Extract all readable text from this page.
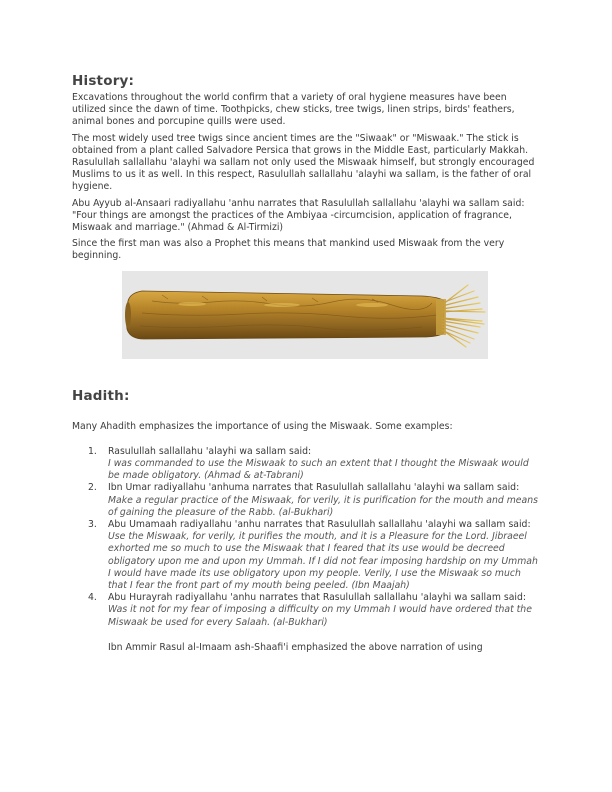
History:

Excavations throughout the world confirm that a variety of oral hygiene measures have been utilized since the dawn of time. Toothpicks, chew sticks, tree twigs, linen strips, birds' feathers, animal bones and porcupine quills were used.

The most widely used tree twigs since ancient times are the "Siwaak" or "Miswaak." The stick is obtained from a plant called Salvadore Persica that grows in the Middle East, particularly Makkah. Rasulullah sallallahu 'alayhi wa sallam not only used the Miswaak himself, but strongly encouraged Muslims to us it as well. In this respect, Rasulullah sallallahu 'alayhi wa sallam, is the father of oral hygiene.

Abu Ayyub al-Ansaari radiyallahu 'anhu narrates that Rasulullah sallallahu 'alayhi wa sallam said: "Four things are amongst the practices of the Ambiyaa -circumcision, application of fragrance, Miswaak and marriage." (Ahmad & Al-Tirmizi)

Since the first man was also a Prophet this means that mankind used Miswaak from the very beginning.

Hadith:

Many Ahadith emphasizes the importance of using the Miswaak. Some examples:

1. Rasulullah sallallahu 'alayhi wa sallam said:
I was commanded to use the Miswaak to such an extent that I thought the Miswaak would be made obligatory. (Ahmad & at-Tabrani)
2. Ibn Umar radiyallahu 'anhuma narrates that Rasulullah sallallahu 'alayhi wa sallam said:
Make a regular practice of the Miswaak, for verily, it is purification for the mouth and means of gaining the pleasure of the Rabb. (al-Bukhari)
3. Abu Umamaah radiyallahu 'anhu narrates that Rasulullah sallallahu 'alayhi wa sallam said:
Use the Miswaak, for verily, it purifies the mouth, and it is a Pleasure for the Lord. Jibraeel exhorted me so much to use the Miswaak that I feared that its use would be decreed obligatory upon me and upon my Ummah. If I did not fear imposing hardship on my Ummah I would have made its use obligatory upon my people. Verily, I use the Miswaak so much that I fear the front part of my mouth being peeled. (Ibn Maajah)
4. Abu Hurayrah radiyallahu 'anhu narrates that Rasulullah sallallahu 'alayhi wa sallam said:
Was it not for my fear of imposing a difficulty on my Ummah I would have ordered that the Miswaak be used for every Salaah. (al-Bukhari)

Ibn Ammir Rasul al-Imaam ash-Shaafi'i emphasized the above narration of using
